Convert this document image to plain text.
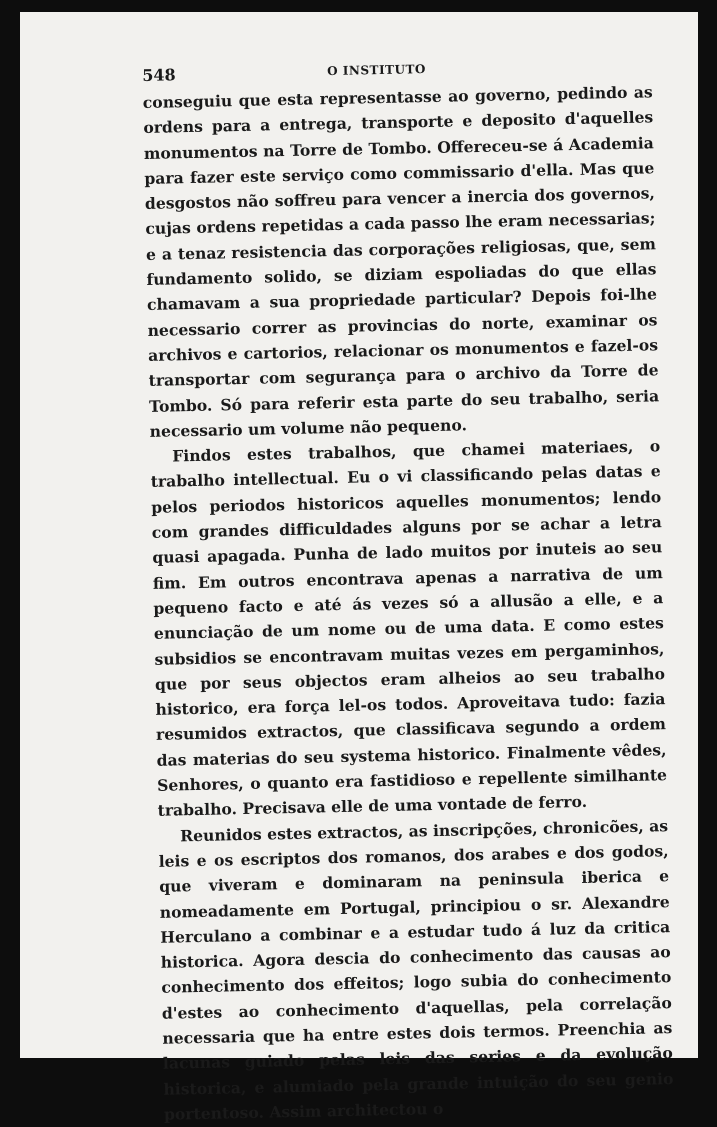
548	O INSTITUTO

conseguiu que esta representasse ao governo, pedindo as ordens para a entrega, transporte e deposito d'aquelles monumentos na Torre de Tombo. Offereceu-se á Academia para fazer este serviço como commissario d'ella. Mas que desgostos não soffreu para vencer a inercia dos governos, cujas ordens repetidas a cada passo lhe eram necessarias; e a tenaz resistencia das corporações religiosas, que, sem fundamento solido, se diziam espoliadas do que ellas chamavam a sua propriedade particular? Depois foi-lhe necessario correr as provincias do norte, examinar os archivos e cartorios, relacionar os monumentos e fazel-os transportar com segurança para o archivo da Torre de Tombo. Só para referir esta parte do seu trabalho, seria necessario um volume não pequeno.

Findos estes trabalhos, que chamei materiaes, o trabalho intellectual. Eu o vi classificando pelas datas e pelos periodos historicos aquelles monumentos; lendo com grandes difficuldades alguns por se achar a letra quasi apagada. Punha de lado muitos por inuteis ao seu fim. Em outros encontrava apenas a narrativa de um pequeno facto e até ás vezes só a allusão a elle, e a enunciação de um nome ou de uma data. E como estes subsidios se encontravam muitas vezes em pergaminhos, que por seus objectos eram alheios ao seu trabalho historico, era força lel-os todos. Aproveitava tudo: fazia resumidos extractos, que classificava segundo a ordem das materias do seu systema historico. Finalmente vêdes, Senhores, o quanto era fastidioso e repellente similhante trabalho. Precisava elle de uma vontade de ferro.

Reunidos estes extractos, as inscripções, chronicões, as leis e os escriptos dos romanos, dos arabes e dos godos, que viveram e dominaram na peninsula iberica e nomeadamente em Portugal, principiou o sr. Alexandre Herculano a combinar e a estudar tudo á luz da critica historica. Agora descia do conhecimento das causas ao conhecimento dos effeitos; logo subia do conhecimento d'estes ao conhecimento d'aquellas, pela correlação necessaria que ha entre estes dois termos. Preenchia as lacunas guiado pelas leis das series e da evolução historica, e alumiado pela grande intuição do seu genio portentoso. Assim architectou o
